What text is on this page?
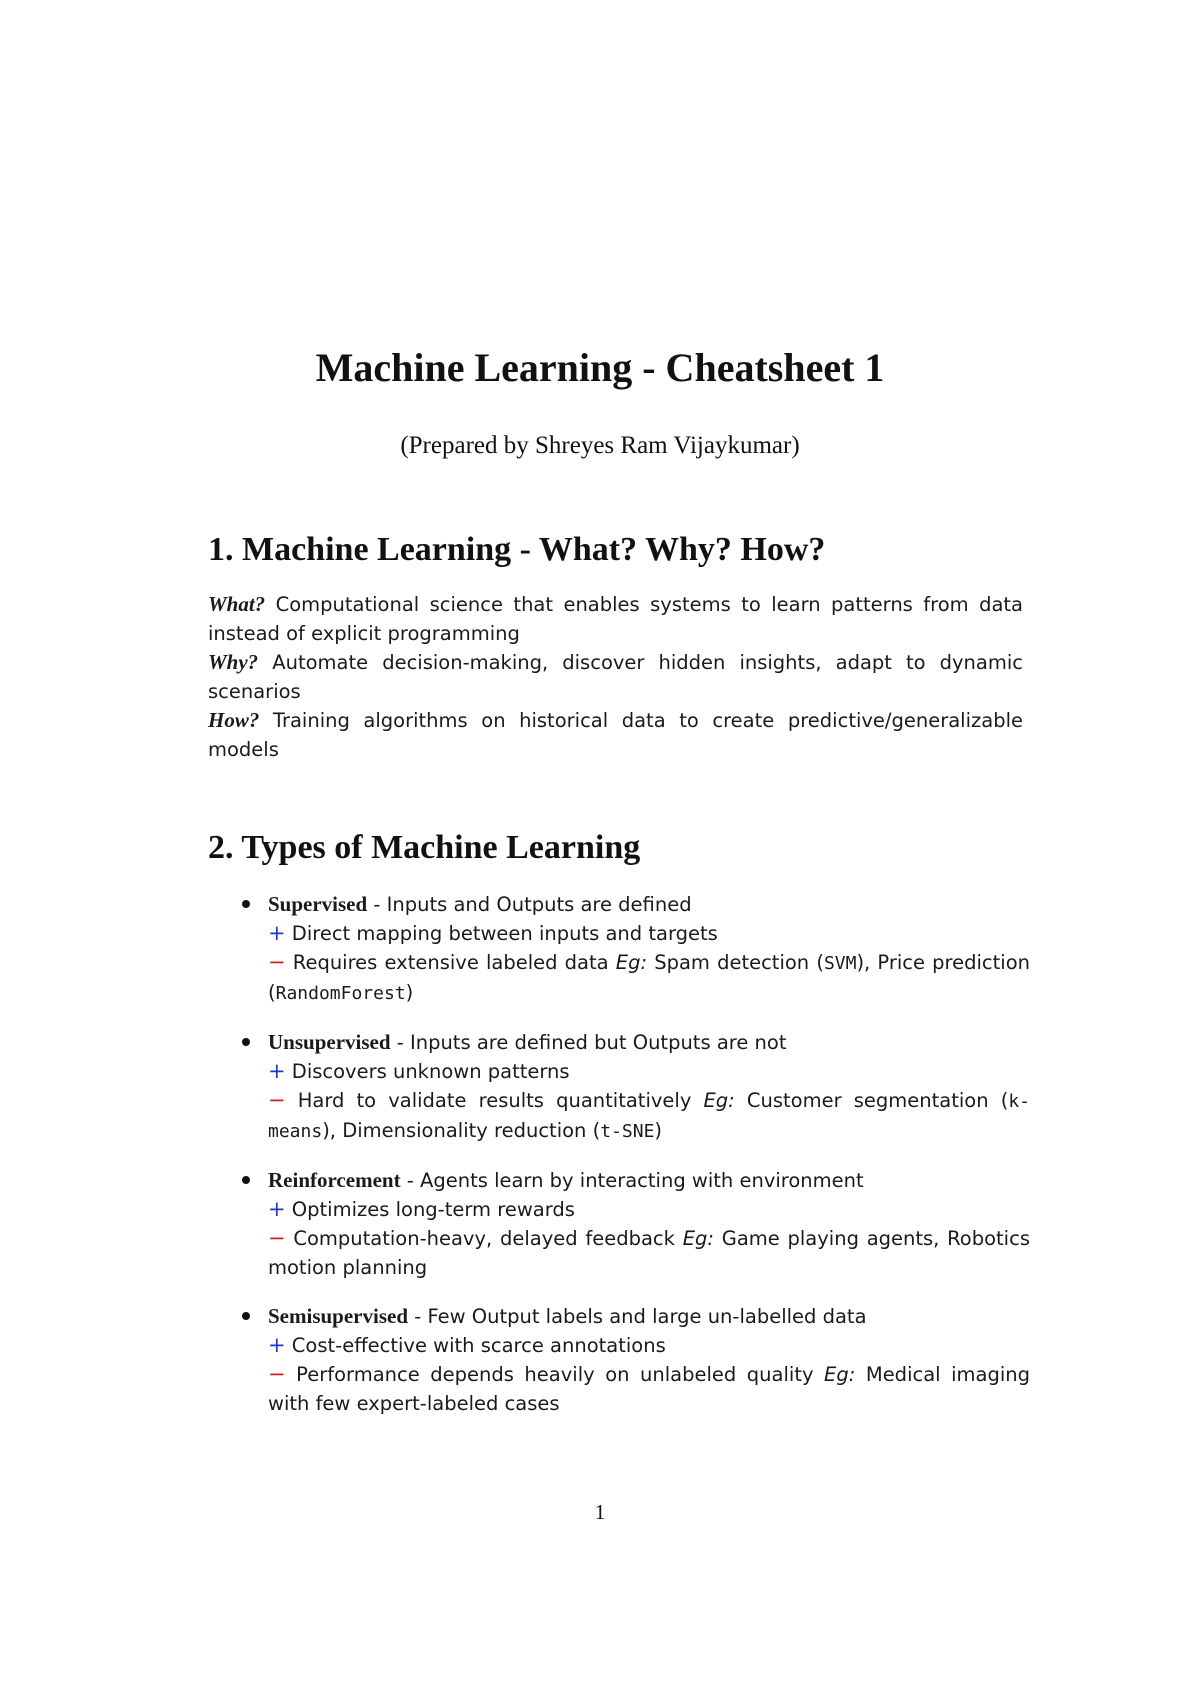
Machine Learning - Cheatsheet 1

(Prepared by Shreyes Ram Vijaykumar)

1. Machine Learning - What? Why? How?

What? Computational science that enables systems to learn patterns from data instead of explicit programming

Why? Automate decision-making, discover hidden insights, adapt to dynamic scenarios

How? Training algorithms on historical data to create predictive/generalizable models

2. Types of Machine Learning
Supervised - Inputs and Outputs are defined
+ Direct mapping between inputs and targets
− Requires extensive labeled data Eg: Spam detection (SVM), Price prediction (RandomForest)
Unsupervised - Inputs are defined but Outputs are not
+ Discovers unknown patterns
− Hard to validate results quantitatively Eg: Customer segmentation (k-means), Dimensionality reduction (t-SNE)
Reinforcement - Agents learn by interacting with environment
+ Optimizes long-term rewards
− Computation-heavy, delayed feedback Eg: Game playing agents, Robotics motion planning
Semisupervised - Few Output labels and large un-labelled data
+ Cost-effective with scarce annotations
− Performance depends heavily on unlabeled quality Eg: Medical imaging with few expert-labeled cases
1
